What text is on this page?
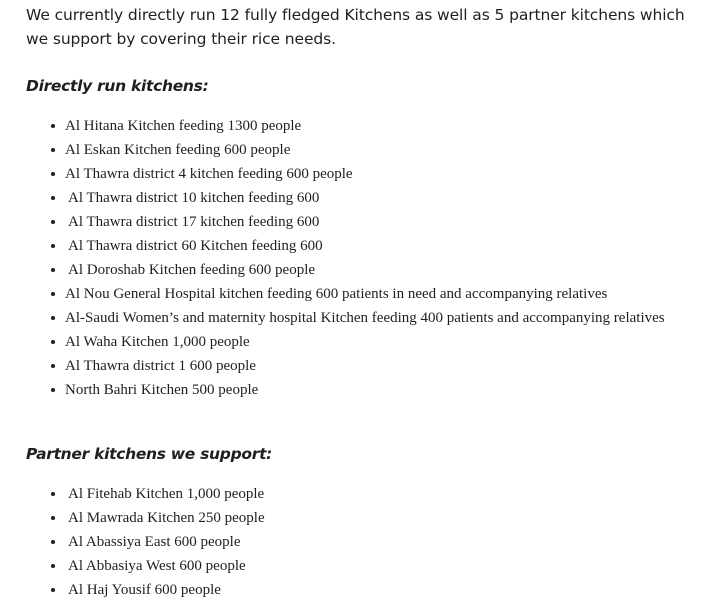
We currently directly run 12 fully fledged Kitchens as well as 5 partner kitchens which we support by covering their rice needs.

Directly run kitchens:
Al Hitana Kitchen feeding 1300 people
Al Eskan Kitchen feeding 600 people
Al Thawra district 4 kitchen feeding 600 people
Al Thawra district 10 kitchen feeding 600
Al Thawra district 17 kitchen feeding 600
Al Thawra district 60 Kitchen feeding 600
Al Doroshab Kitchen feeding 600 people
Al Nou General Hospital kitchen feeding 600 patients in need and accompanying relatives
Al-Saudi Women’s and maternity hospital Kitchen feeding 400 patients and accompanying relatives
Al Waha Kitchen 1,000 people
Al Thawra district 1 600 people
North Bahri Kitchen 500 people
Partner kitchens we support:
Al Fitehab Kitchen 1,000 people
Al Mawrada Kitchen 250 people
Al Abassiya East 600 people
Al Abbasiya West 600 people
Al Haj Yousif 600 people
